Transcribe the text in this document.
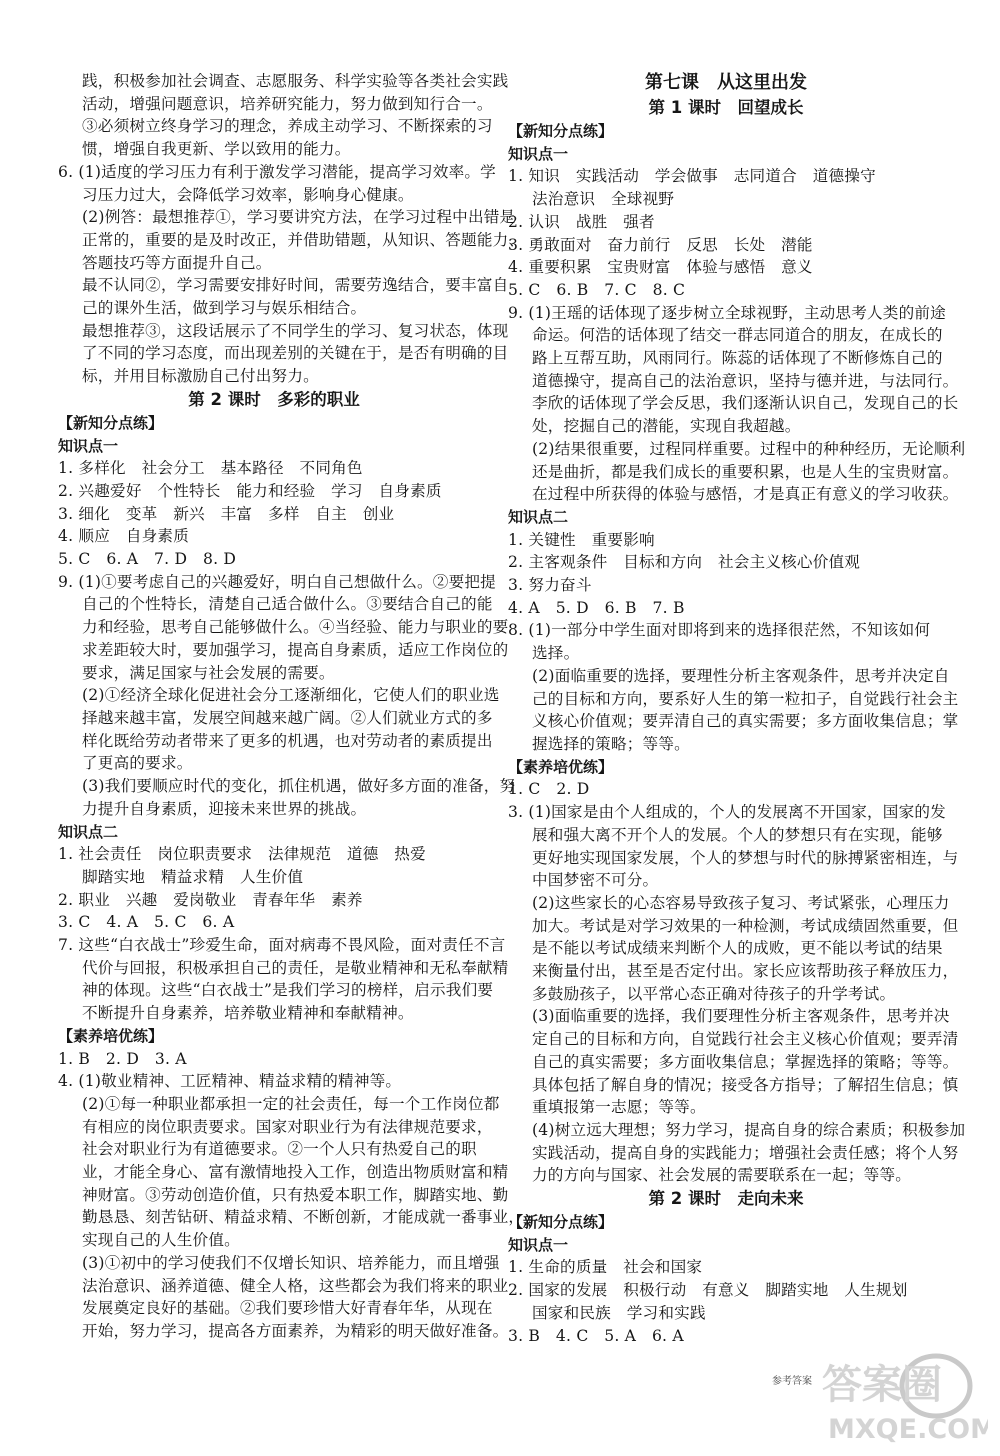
践，积极参加社会调查、志愿服务、科学实验等各类社会实践
活动，增强问题意识，培养研究能力，努力做到知行合一。
③必须树立终身学习的理念，养成主动学习、不断探索的习
惯，增强自我更新、学以致用的能力。
6. (1)适度的学习压力有利于激发学习潜能，提高学习效率。学
习压力过大，会降低学习效率，影响身心健康。
(2)例答：最想推荐①，学习要讲究方法，在学习过程中出错是
正常的，重要的是及时改正，并借助错题，从知识、答题能力、
答题技巧等方面提升自己。
最不认同②，学习需要安排好时间，需要劳逸结合，要丰富自
己的课外生活，做到学习与娱乐相结合。
最想推荐③，这段话展示了不同学生的学习、复习状态，体现
了不同的学习态度，而出现差别的关键在于，是否有明确的目
标，并用目标激励自己付出努力。
第 2 课时　多彩的职业
【新知分点练】
知识点一
1. 多样化　社会分工　基本路径　不同角色
2. 兴趣爱好　个性特长　能力和经验　学习　自身素质
3. 细化　变革　新兴　丰富　多样　自主　创业
4. 顺应　自身素质
5. C　6. A　7. D　8. D
9. (1)①要考虑自己的兴趣爱好，明白自己想做什么。②要把提
自己的个性特长，清楚自己适合做什么。③要结合自己的能
力和经验，思考自己能够做什么。④当经验、能力与职业的要
求差距较大时，要加强学习，提高自身素质，适应工作岗位的
要求，满足国家与社会发展的需要。
(2)①经济全球化促进社会分工逐渐细化，它使人们的职业选
择越来越丰富，发展空间越来越广阔。②人们就业方式的多
样化既给劳动者带来了更多的机遇，也对劳动者的素质提出
了更高的要求。
(3)我们要顺应时代的变化，抓住机遇，做好多方面的准备，努
力提升自身素质，迎接未来世界的挑战。
知识点二
1. 社会责任　岗位职责要求　法律规范　道德　热爱
脚踏实地　精益求精　人生价值
2. 职业　兴趣　爱岗敬业　青春年华　素养
3. C　4. A　5. C　6. A
7. 这些“白衣战士”珍爱生命，面对病毒不畏风险，面对责任不言
代价与回报，积极承担自己的责任，是敬业精神和无私奉献精
神的体现。这些“白衣战士”是我们学习的榜样，启示我们要
不断提升自身素养，培养敬业精神和奉献精神。
【素养培优练】
1. B　2. D　3. A
4. (1)敬业精神、工匠精神、精益求精的精神等。
(2)①每一种职业都承担一定的社会责任，每一个工作岗位都
有相应的岗位职责要求。国家对职业行为有法律规范要求，
社会对职业行为有道德要求。②一个人只有热爱自己的职
业，才能全身心、富有激情地投入工作，创造出物质财富和精
神财富。③劳动创造价值，只有热爱本职工作，脚踏实地、勤
勤恳恳、刻苦钻研、精益求精、不断创新，才能成就一番事业，
实现自己的人生价值。
(3)①初中的学习使我们不仅增长知识、培养能力，而且增强
法治意识、涵养道德、健全人格，这些都会为我们将来的职业
发展奠定良好的基础。②我们要珍惜大好青春年华，从现在
开始，努力学习，提高各方面素养，为精彩的明天做好准备。
第七课　从这里出发
第 1 课时　回望成长
【新知分点练】
知识点一
1. 知识　实践活动　学会做事　志同道合　道德操守
法治意识　全球视野
2. 认识　战胜　强者
3. 勇敢面对　奋力前行　反思　长处　潜能
4. 重要积累　宝贵财富　体验与感悟　意义
5. C　6. B　7. C　8. C
9. (1)王瑶的话体现了逐步树立全球视野，主动思考人类的前途
命运。何浩的话体现了结交一群志同道合的朋友，在成长的
路上互帮互助，风雨同行。陈蕊的话体现了不断修炼自己的
道德操守，提高自己的法治意识，坚持与德并进，与法同行。
李欣的话体现了学会反思，我们逐渐认识自己，发现自己的长
处，挖掘自己的潜能，实现自我超越。
(2)结果很重要，过程同样重要。过程中的种种经历，无论顺利
还是曲折，都是我们成长的重要积累，也是人生的宝贵财富。
在过程中所获得的体验与感悟，才是真正有意义的学习收获。
知识点二
1. 关键性　重要影响
2. 主客观条件　目标和方向　社会主义核心价值观
3. 努力奋斗
4. A　5. D　6. B　7. B
8. (1)一部分中学生面对即将到来的选择很茫然，不知该如何
选择。
(2)面临重要的选择，要理性分析主客观条件，思考并决定自
己的目标和方向，要系好人生的第一粒扣子，自觉践行社会主
义核心价值观；要弄清自己的真实需要；多方面收集信息；掌
握选择的策略；等等。
【素养培优练】
1. C　2. D
3. (1)国家是由个人组成的，个人的发展离不开国家，国家的发
展和强大离不开个人的发展。个人的梦想只有在实现，能够
更好地实现国家发展，个人的梦想与时代的脉搏紧密相连，与
中国梦密不可分。
(2)这些家长的心态容易导致孩子复习、考试紧张，心理压力
加大。考试是对学习效果的一种检测，考试成绩固然重要，但
是不能以考试成绩来判断个人的成败，更不能以考试的结果
来衡量付出，甚至是否定付出。家长应该帮助孩子释放压力，
多鼓励孩子，以平常心态正确对待孩子的升学考试。
(3)面临重要的选择，我们要理性分析主客观条件，思考并决
定自己的目标和方向，自觉践行社会主义核心价值观；要弄清
自己的真实需要；多方面收集信息；掌握选择的策略；等等。
具体包括了解自身的情况；接受各方指导；了解招生信息；慎
重填报第一志愿；等等。
(4)树立远大理想；努力学习，提高自身的综合素质；积极参加
实践活动，提高自身的实践能力；增强社会责任感；将个人努
力的方向与国家、社会发展的需要联系在一起；等等。
第 2 课时　走向未来
【新知分点练】
知识点一
1. 生命的质量　社会和国家
2. 国家的发展　积极行动　有意义　脚踏实地　人生规划
国家和民族　学习和实践
3. B　4. C　5. A　6. A
参考答案 答案圈
MXQE.COM
